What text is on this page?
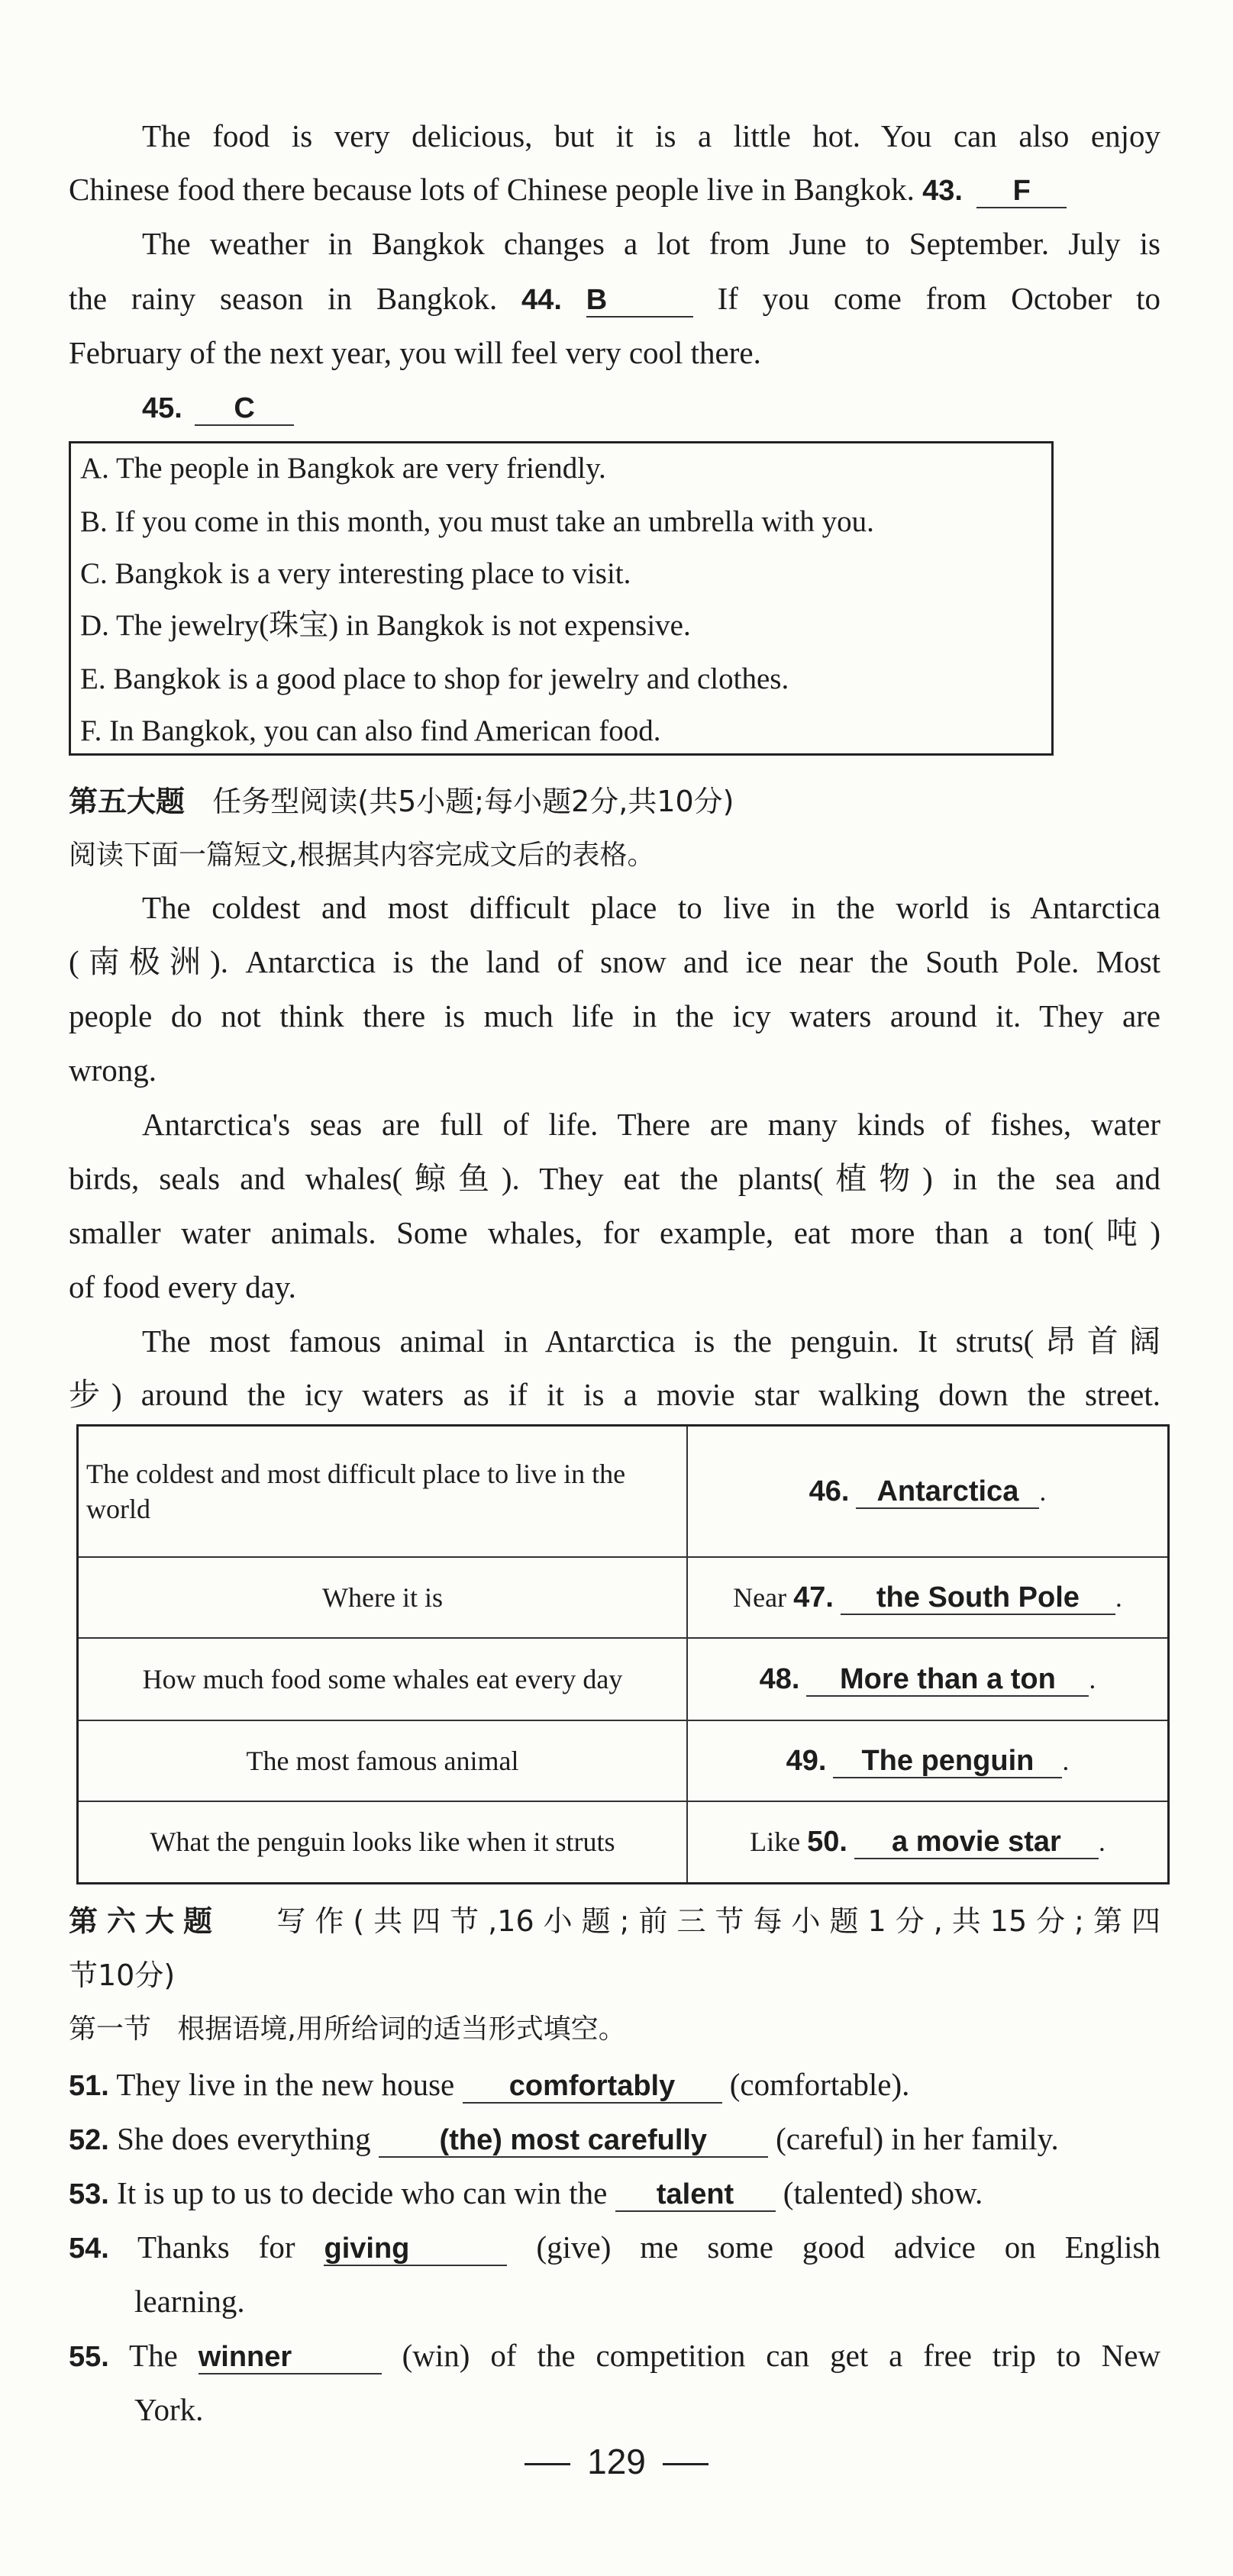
The food is very delicious, but it is a little hot. You can also enjoy
Chinese food there because lots of Chinese people live in Bangkok. 43. F
The weather in Bangkok changes a lot from June to September. July is
the rainy season in Bangkok. 44. B	If you come from October to
February of the next year, you will feel very cool there.
45. C
A. The people in Bangkok are very friendly.
B. If you come in this month, you must take an umbrella with you.
C. Bangkok is a very interesting place to visit.
D. The jewelry(珠宝) in Bangkok is not expensive.
E. Bangkok is a good place to shop for jewelry and clothes.
F. In Bangkok, you can also find American food.
第五大题 任务型阅读(共5小题;每小题2分,共10分)
阅读下面一篇短文,根据其内容完成文后的表格。
The coldest and most difficult place to live in the world is Antarctica
(南极洲). Antarctica is the land of snow and ice near the South Pole. Most
people do not think there is much life in the icy waters around it. They are
wrong.
Antarctica's seas are full of life. There are many kinds of fishes, water
birds, seals and whales(鲸鱼). They eat the plants(植物) in the sea and
smaller water animals. Some whales, for example, eat more than a ton(吨)
of food every day.
The most famous animal in Antarctica is the penguin. It struts(昂首阔
步) around the icy waters as if it is a movie star walking down the street.
The coldest and most difficult place to live in the world	46. Antarctica .
Where it is	Near 47. the South Pole .
How much food some whales eat every day	48. More than a ton .
The most famous animal	49. The penguin .
What the penguin looks like when it struts	Like 50. a movie star .
第六大题 写作(共四节,16小题;前三节每小题1分,共15分;第四
节10分)
第一节 根据语境,用所给词的适当形式填空。
51. They live in the new house comfortably (comfortable).
52. She does everything (the) most carefully (careful) in her family.
53. It is up to us to decide who can win the talent (talented) show.
54. Thanks for giving	(give) me some good advice on English
learning.
55. The winner	(win) of the competition can get a free trip to New
York.
129
